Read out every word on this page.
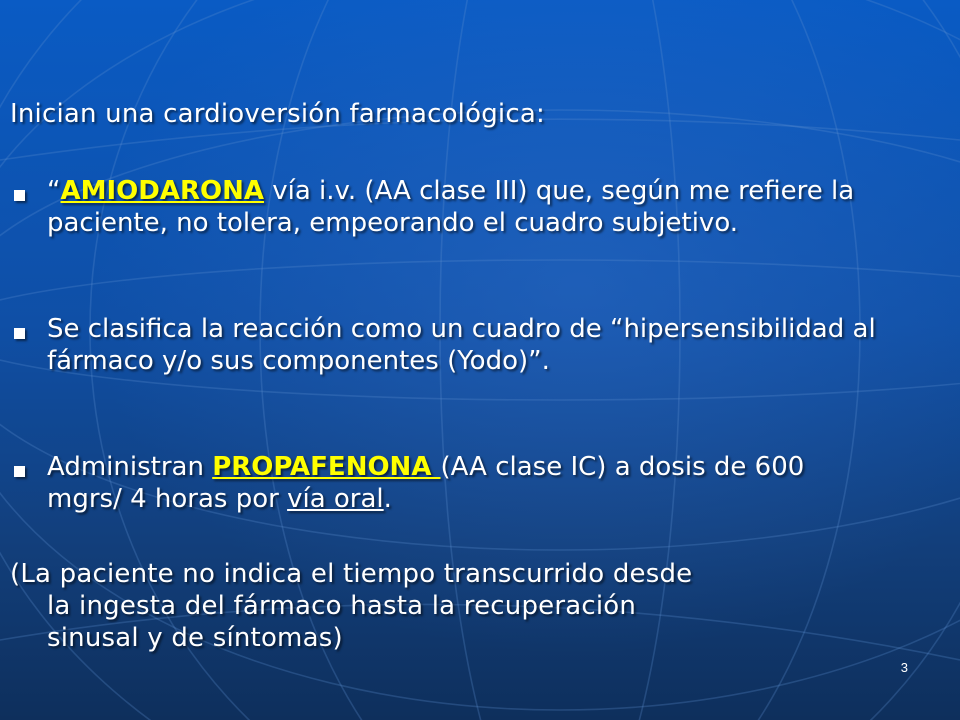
Inician una cardioversión farmacológica:
“AMIODARONA vía i.v. (AA clase III) que, según me refiere la paciente, no tolera, empeorando el cuadro subjetivo.
Se clasifica la reacción como un cuadro de “hipersensibilidad al fármaco y/o sus componentes (Yodo)”.
Administran PROPAFENONA (AA clase IC) a dosis de 600 mgrs/ 4 horas por vía oral.
(La paciente no indica el tiempo transcurrido desde
la ingesta del fármaco hasta la recuperación
sinusal y de síntomas)
3
